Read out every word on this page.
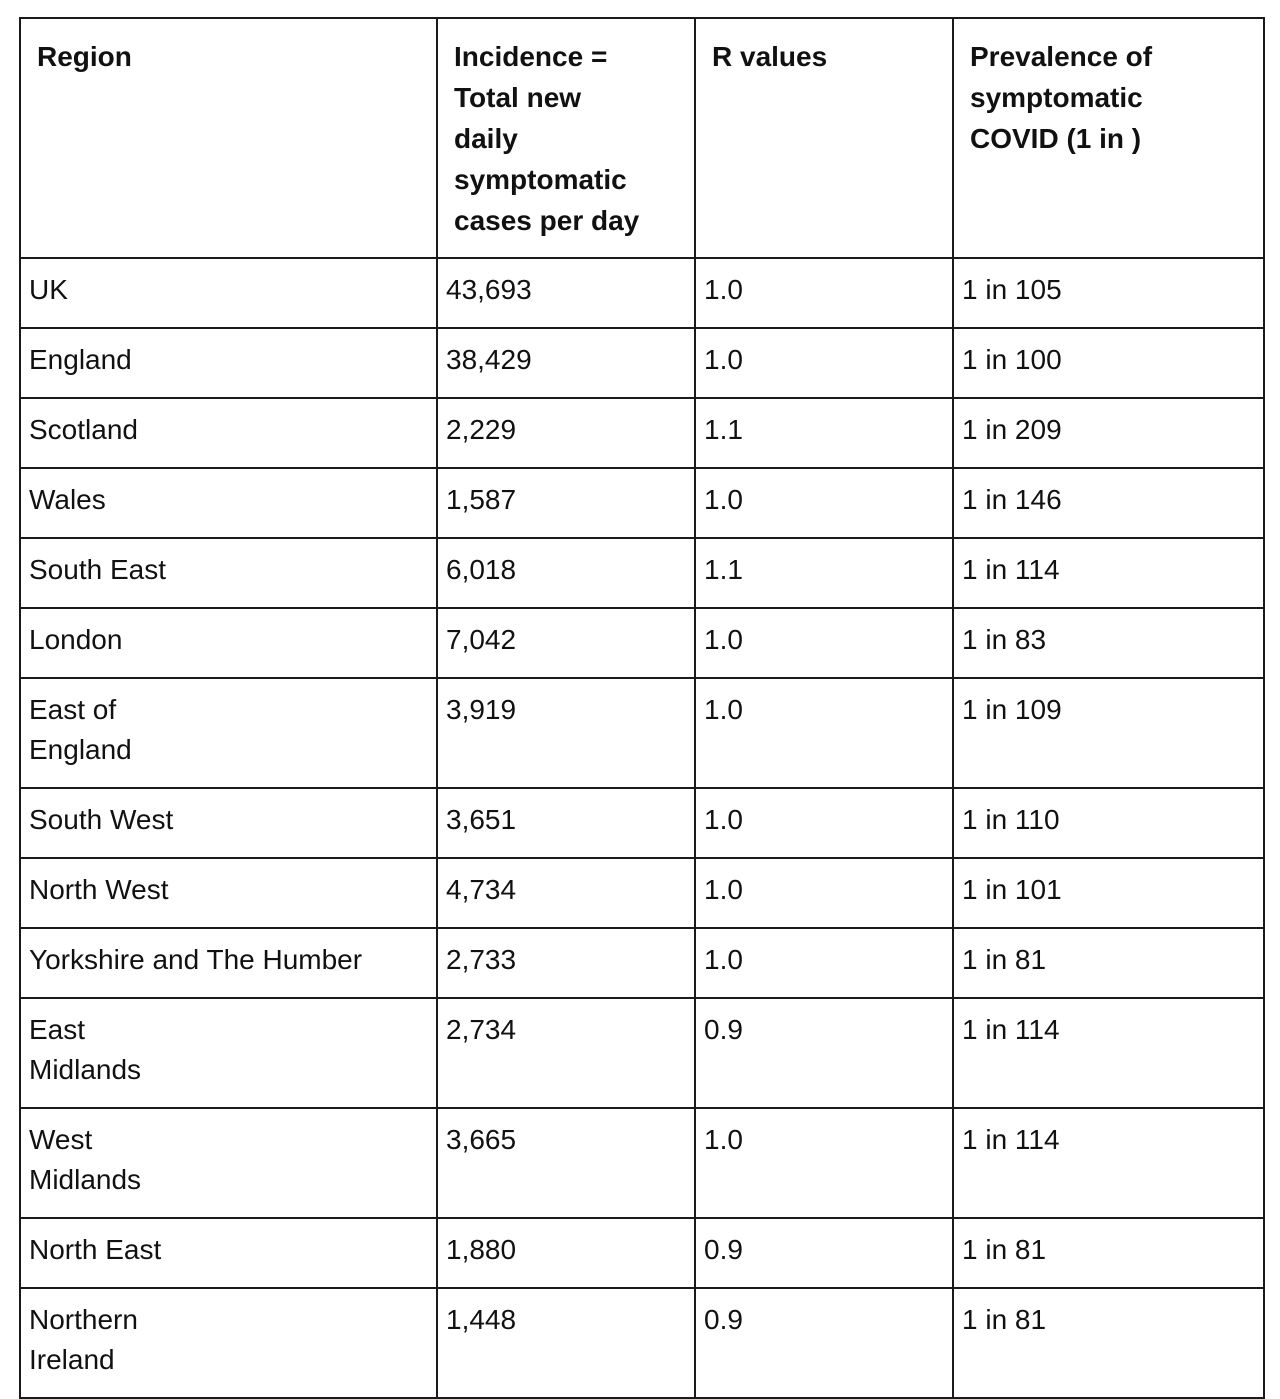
Region	Incidence =
Total new
daily
symptomatic
cases per day	R values	Prevalence of
symptomatic
COVID (1 in )
UK	43,693	1.0	1 in 105
England	38,429	1.0	1 in 100
Scotland	2,229	1.1	1 in 209
Wales	1,587	1.0	1 in 146
South East	6,018	1.1	1 in 114
London	7,042	1.0	1 in 83
East of
England	3,919	1.0	1 in 109
South West	3,651	1.0	1 in 110
North West	4,734	1.0	1 in 101
Yorkshire and The Humber	2,733	1.0	1 in 81
East
Midlands	2,734	0.9	1 in 114
West
Midlands	3,665	1.0	1 in 114
North East	1,880	0.9	1 in 81
Northern
Ireland	1,448	0.9	1 in 81
